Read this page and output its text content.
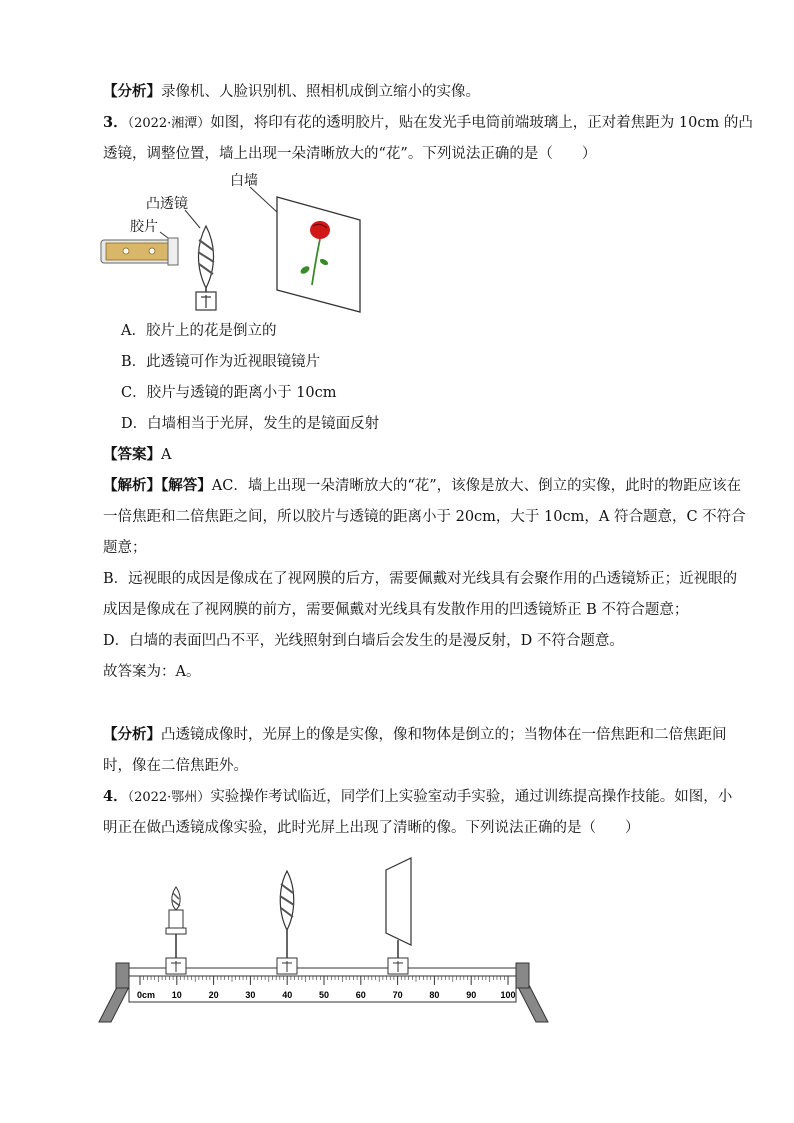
【分析】录像机、人脸识别机、照相机成倒立缩小的实像。
3．（2022·湘潭）如图，将印有花的透明胶片，贴在发光手电筒前端玻璃上，正对着焦距为 10cm 的凸
透镜，调整位置，墙上出现一朵清晰放大的“花”。下列说法正确的是（　　）
白墙
凸透镜
胶片
A．胶片上的花是倒立的
B．此透镜可作为近视眼镜镜片
C．胶片与透镜的距离小于 10cm
D．白墙相当于光屏，发生的是镜面反射
【答案】A
【解析】【解答】AC．墙上出现一朵清晰放大的“花”，该像是放大、倒立的实像，此时的物距应该在
一倍焦距和二倍焦距之间，所以胶片与透镜的距离小于 20cm，大于 10cm，A 符合题意，C 不符合
题意；
B．远视眼的成因是像成在了视网膜的后方，需要佩戴对光线具有会聚作用的凸透镜矫正；近视眼的
成因是像成在了视网膜的前方，需要佩戴对光线具有发散作用的凹透镜矫正 B 不符合题意；
D．白墙的表面凹凸不平，光线照射到白墙后会发生的是漫反射，D 不符合题意。
故答案为：A。
【分析】凸透镜成像时，光屏上的像是实像，像和物体是倒立的；当物体在一倍焦距和二倍焦距间
时，像在二倍焦距外。
4．（2022·鄂州）实验操作考试临近，同学们上实验室动手实验，通过训练提高操作技能。如图，小
明正在做凸透镜成像实验，此时光屏上出现了清晰的像。下列说法正确的是（　　）
0cm 10	20	30	40	50	60	70	80	90	100
